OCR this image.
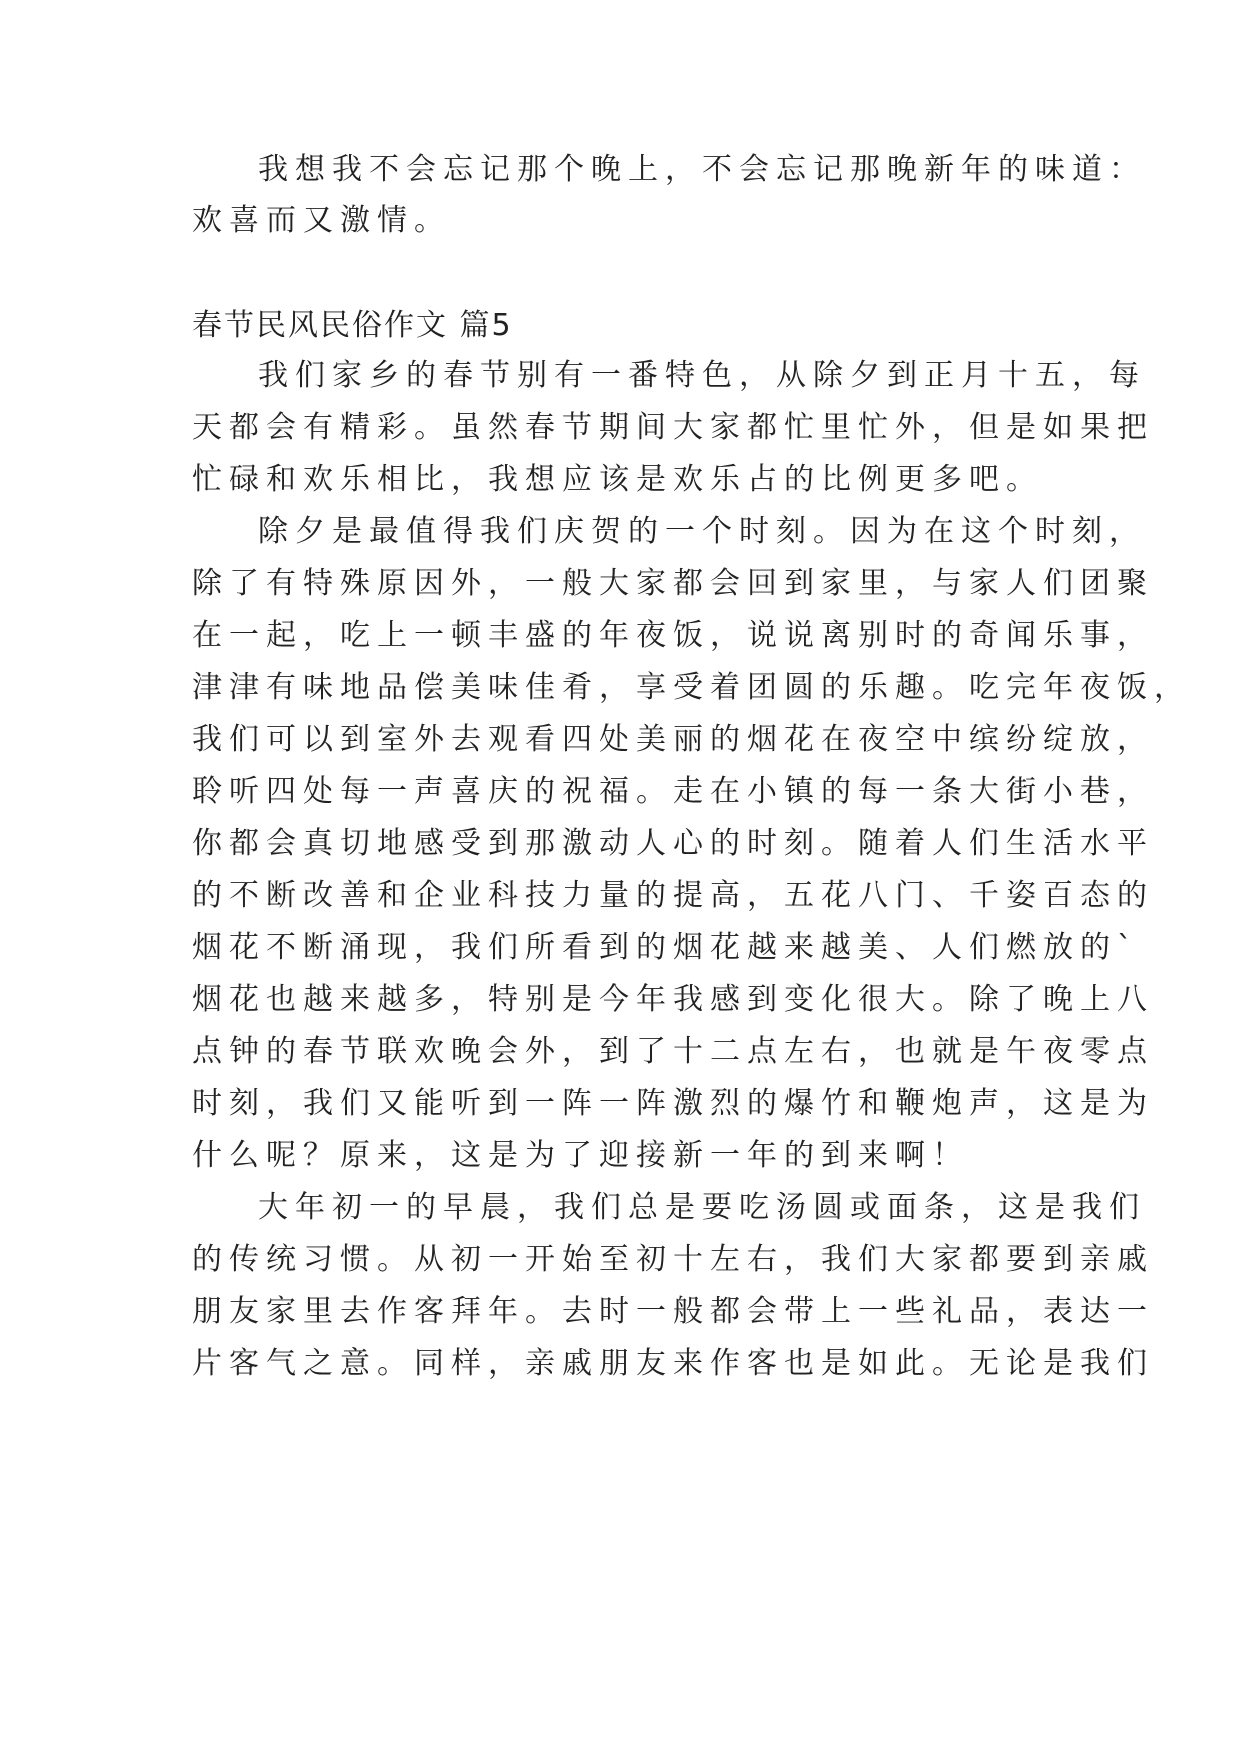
我想我不会忘记那个晚上，不会忘记那晚新年的味道：
欢喜而又激情。
春节民风民俗作文 篇5
我们家乡的春节别有一番特色，从除夕到正月十五，每
天都会有精彩。虽然春节期间大家都忙里忙外，但是如果把
忙碌和欢乐相比，我想应该是欢乐占的比例更多吧。
除夕是最值得我们庆贺的一个时刻。因为在这个时刻，
除了有特殊原因外，一般大家都会回到家里，与家人们团聚
在一起，吃上一顿丰盛的年夜饭，说说离别时的奇闻乐事，
津津有味地品偿美味佳肴，享受着团圆的乐趣。吃完年夜饭，
我们可以到室外去观看四处美丽的烟花在夜空中缤纷绽放，
聆听四处每一声喜庆的祝福。走在小镇的每一条大街小巷，
你都会真切地感受到那激动人心的时刻。随着人们生活水平
的不断改善和企业科技力量的提高，五花八门、千姿百态的
烟花不断涌现，我们所看到的烟花越来越美、人们燃放的`
烟花也越来越多，特别是今年我感到变化很大。除了晚上八
点钟的春节联欢晚会外，到了十二点左右，也就是午夜零点
时刻，我们又能听到一阵一阵激烈的爆竹和鞭炮声，这是为
什么呢？原来，这是为了迎接新一年的到来啊！
大年初一的早晨，我们总是要吃汤圆或面条，这是我们
的传统习惯。从初一开始至初十左右，我们大家都要到亲戚
朋友家里去作客拜年。去时一般都会带上一些礼品，表达一
片客气之意。同样，亲戚朋友来作客也是如此。无论是我们
